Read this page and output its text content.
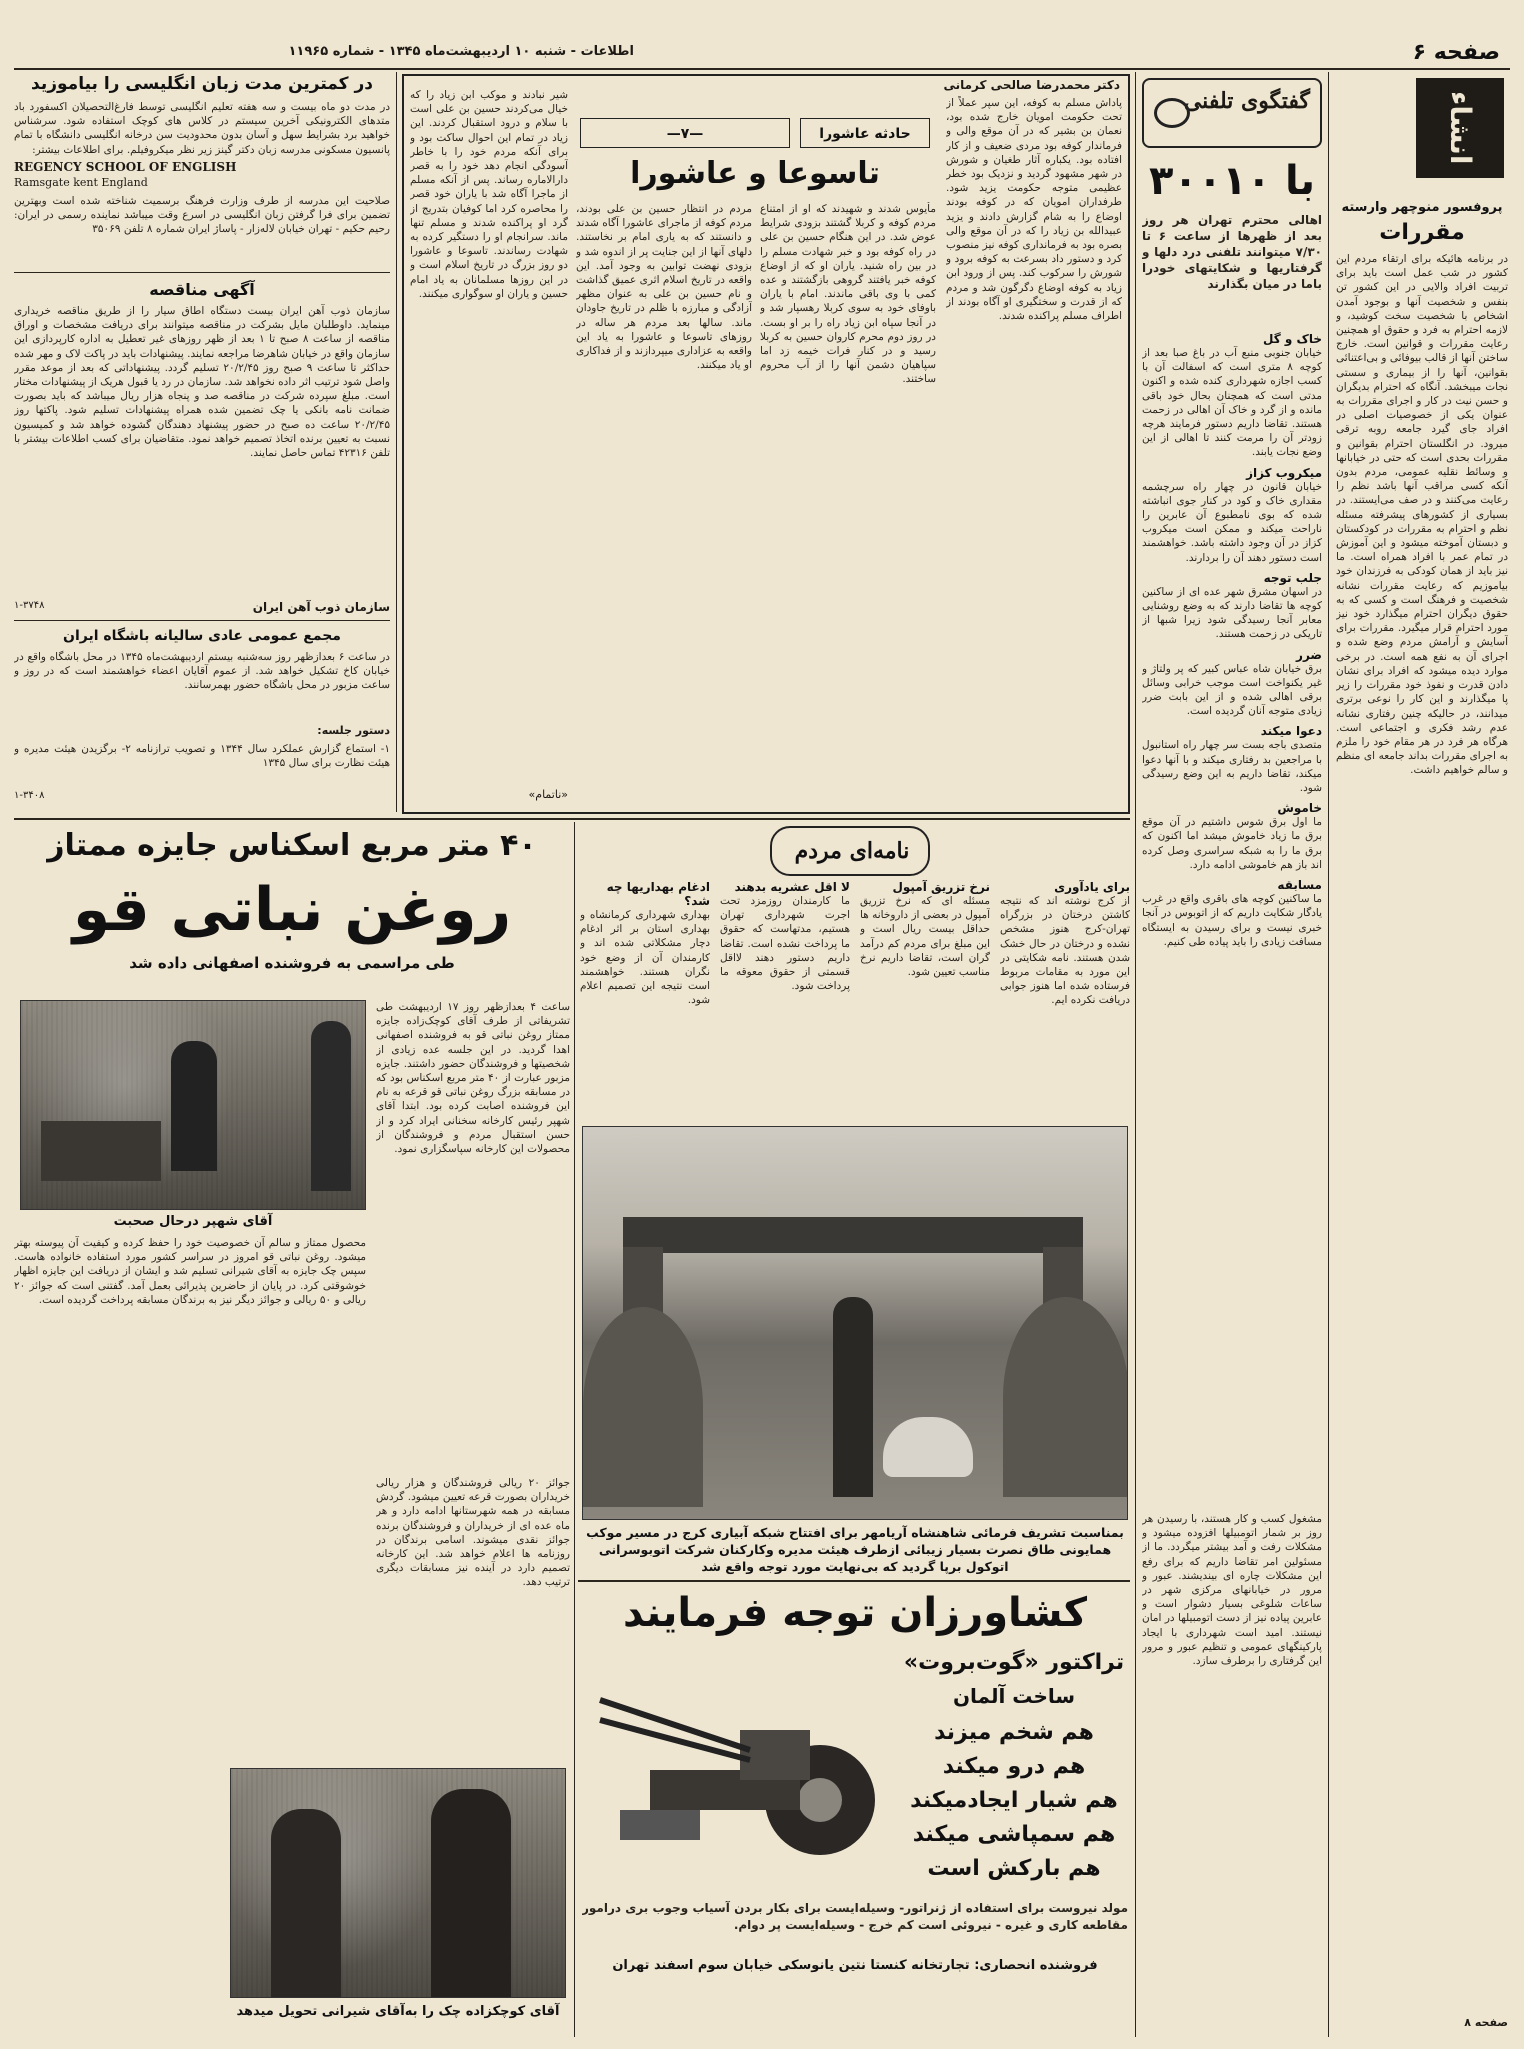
صفحه ۶
اطلاعات - شنبه ۱۰ اردیبهشت‌ماه ۱۳۴۵ - شماره ۱۱۹۶۵
انشاء
پروفسور منوچهر وارسته
مقررات
در برنامه هائیکه برای ارتقاء مردم این کشور در شب عمل است باید برای تربیت افراد والایی در این کشور تن بنفس و شخصیت آنها و بوجود آمدن اشخاص با شخصیت سخت کوشید، و لازمه احترام به فرد و حقوق او همچنین رعایت مقررات و قوانین است. خارج ساختن آنها از قالب بیوفائی و بی‌اعتنائی بقوانین، آنها را از بیماری و سستی نجات میبخشد. آنگاه که احترام بدیگران و حسن نیت در کار و اجرای مقررات به عنوان یکی از خصوصیات اصلی در افراد جای گیرد جامعه روبه ترقی میرود. در انگلستان احترام بقوانین و مقررات بحدی است که حتی در خیابانها و وسائط نقلیه عمومی، مردم بدون آنکه کسی مراقب آنها باشد نظم را رعایت می‌کنند و در صف می‌ایستند. در بسیاری از کشورهای پیشرفته مسئله نظم و احترام به مقررات در کودکستان و دبستان آموخته میشود و این آموزش در تمام عمر با افراد همراه است. ما نیز باید از همان کودکی به فرزندان خود بیاموزیم که رعایت مقررات نشانه شخصیت و فرهنگ است و کسی که به حقوق دیگران احترام میگذارد خود نیز مورد احترام قرار میگیرد. مقررات برای آسایش و آرامش مردم وضع شده و اجرای آن به نفع همه است. در برخی موارد دیده میشود که افراد برای نشان دادن قدرت و نفوذ خود مقررات را زیر پا میگذارند و این کار را نوعی برتری میدانند، در حالیکه چنین رفتاری نشانه عدم رشد فکری و اجتماعی است. هرگاه هر فرد در هر مقام خود را ملزم به اجرای مقررات بداند جامعه ای منظم و سالم خواهیم داشت.
صفحه ۸
گفتگوی تلفنی
با ۳۰۰۱۰
اهالی محترم تهران هر روز بعد از ظهرها از ساعت ۶ تا ۷/۳۰ میتوانند تلفنی درد دلها و گرفتاریها و شکایتهای خودرا باما در میان بگذارند
خاک و گل
خیابان جنوبی منبع آب در باغ صبا بعد از کوچه ۸ متری است که اسفالت آن با کسب اجازه شهرداری کنده شده و اکنون مدتی است که همچنان بحال خود باقی مانده و از گرد و خاک آن اهالی در زحمت هستند. تقاضا داریم دستور فرمایند هرچه زودتر آن را مرمت کنند تا اهالی از این وضع نجات یابند.
میکروب کزاز
خیابان قانون در چهار راه سرچشمه مقداری خاک و کود در کنار جوی انباشته شده که بوی نامطبوع آن عابرین را ناراحت میکند و ممکن است میکروب کزاز در آن وجود داشته باشد. خواهشمند است دستور دهند آن را بردارند.
جلب توجه
در اسهان مشرق شهر عده ای از ساکنین کوچه ها تقاضا دارند که به وضع روشنایی معابر آنجا رسیدگی شود زیرا شبها از تاریکی در زحمت هستند.
ضرر
برق خیابان شاه عباس کبیر که پر ولتاژ و غیر یکنواخت است موجب خرابی وسائل برقی اهالی شده و از این بابت ضرر زیادی متوجه آنان گردیده است.
دعوا میکند
متصدی باجه بست سر چهار راه استانبول با مراجعین بد رفتاری میکند و با آنها دعوا میکند، تقاضا داریم به این وضع رسیدگی شود.
خاموش
ما اول برق شوس داشتیم در آن موقع برق ما زیاد خاموش میشد اما اکنون که برق ما را به شبکه سراسری وصل کرده اند باز هم خاموشی ادامه دارد.
مسابقه
ما ساکنین کوچه های باقری واقع در غرب یادگار شکایت داریم که از اتوبوس در آنجا خبری نیست و برای رسیدن به ایستگاه مسافت زیادی را باید پیاده طی کنیم.
مشغول کسب و کار هستند، با رسیدن هر روز بر شمار اتومبیلها افزوده میشود و مشکلات رفت و آمد بیشتر میگردد. ما از مسئولین امر تقاضا داریم که برای رفع این مشکلات چاره ای بیندیشند. عبور و مرور در خیابانهای مرکزی شهر در ساعات شلوغی بسیار دشوار است و عابرین پیاده نیز از دست اتومبیلها در امان نیستند. امید است شهرداری با ایجاد پارکینگهای عمومی و تنظیم عبور و مرور این گرفتاری را برطرف سازد.
دکتر محمدرضا صالحی کرمانی
حادثه عاشورا
—۷—
تاسوعا و عاشورا
پاداش مسلم به کوفه، این سپر عملاً از تحت حکومت امویان خارج شده بود، نعمان بن بشیر که در آن موقع والی و فرماندار کوفه بود مردی ضعیف و از کار افتاده بود. یکباره آثار طغیان و شورش در شهر مشهود گردید و نزدیک بود خطر عظیمی متوجه حکومت یزید شود. طرفداران امویان که در کوفه بودند اوضاع را به شام گزارش دادند و یزید عبیدالله بن زیاد را که در آن موقع والی بصره بود به فرمانداری کوفه نیز منصوب کرد و دستور داد بسرعت به کوفه برود و شورش را سرکوب کند. پس از ورود ابن زیاد به کوفه اوضاع دگرگون شد و مردم که از قدرت و سختگیری او آگاه بودند از اطراف مسلم پراکنده شدند.
مأیوس شدند و شهیدند که او از امتناع مردم کوفه و کربلا گشتند بزودی شرایط عوض شد. در این هنگام حسین بن علی در راه کوفه بود و خبر شهادت مسلم را در بین راه شنید. یاران او که از اوضاع کوفه خبر یافتند گروهی بازگشتند و عده کمی با وی باقی ماندند. امام با یاران باوفای خود به سوی کربلا رهسپار شد و در آنجا سپاه ابن زیاد راه را بر او بست. در روز دوم محرم کاروان حسین به کربلا رسید و در کنار فرات خیمه زد اما سپاهیان دشمن آنها را از آب محروم ساختند.
مردم در انتظار حسین بن علی بودند، مردم کوفه از ماجرای عاشورا آگاه شدند و دانستند که به یاری امام بر نخاستند. دلهای آنها از این جنایت پر از اندوه شد و بزودی نهضت توابین به وجود آمد. این واقعه در تاریخ اسلام اثری عمیق گذاشت و نام حسین بن علی به عنوان مظهر آزادگی و مبارزه با ظلم در تاریخ جاودان ماند. سالها بعد مردم هر ساله در روزهای تاسوعا و عاشورا به یاد این واقعه به عزاداری میپردازند و از فداکاری او یاد میکنند.
شیر نبادند و موکب ابن زیاد را که خیال می‌کردند حسین بن علی است با سلام و درود استقبال کردند. این زیاد در تمام این احوال ساکت بود و برای آنکه مردم خود را با خاطر آسودگی انجام دهد خود را به قصر دارالاماره رساند. پس از آنکه مسلم از ماجرا آگاه شد با یاران خود قصر را محاصره کرد اما کوفیان بتدریج از گرد او پراکنده شدند و مسلم تنها ماند. سرانجام او را دستگیر کرده به شهادت رساندند. تاسوعا و عاشورا دو روز بزرگ در تاریخ اسلام است و در این روزها مسلمانان به یاد امام حسین و یاران او سوگواری میکنند.
«ناتمام»
در کمترین مدت زبان انگلیسی را بیاموزید
در مدت دو ماه بیست و سه هفته تعلیم انگلیسی توسط فارغ‌التحصیلان اکسفورد باد متدهای الکترونیکی آخرین سیستم در کلاس های کوچک استفاده شود. سرشناس خواهید برد بشرایط سهل و آسان بدون محدودیت سن درخانه انگلیسی دانشگاه با تمام پانسیون مسکونی مدرسه زبان دکتر گینز زیر نظر میکروفیلم. برای اطلاعات بیشتر:
REGENCY SCHOOL OF ENGLISH
Ramsgate kent England
صلاحیت این مدرسه از طرف وزارت فرهنگ برسمیت شناخته شده است وبهترین تضمین برای فرا گرفتن زبان انگلیسی در اسرع وقت میباشد نماینده رسمی در ایران: رحیم حکیم - تهران خیابان لاله‌زار - پاساژ ایران شماره ۸ تلفن ۳۵۰۶۹
آگهی مناقصه
سازمان ذوب آهن ایران بیست دستگاه اطاق سیار را از طریق مناقصه خریداری مینماید. داوطلبان مایل بشرکت در مناقصه میتوانند برای دریافت مشخصات و اوراق مناقصه از ساعت ۸ صبح تا ۱ بعد از ظهر روزهای غیر تعطیل به اداره کارپردازی این سازمان واقع در خیابان شاهرضا مراجعه نمایند. پیشنهادات باید در پاکت لاک و مهر شده حداکثر تا ساعت ۹ صبح روز ۲۰/۲/۴۵ تسلیم گردد. پیشنهاداتی که بعد از موعد مقرر واصل شود ترتیب اثر داده نخواهد شد. سازمان در رد یا قبول هریک از پیشنهادات مختار است. مبلغ سپرده شرکت در مناقصه صد و پنجاه هزار ریال میباشد که باید بصورت ضمانت نامه بانکی یا چک تضمین شده همراه پیشنهادات تسلیم شود. پاکتها روز ۲۰/۲/۴۵ ساعت ده صبح در حضور پیشنهاد دهندگان گشوده خواهد شد و کمیسیون نسبت به تعیین برنده اتخاذ تصمیم خواهد نمود. متقاضیان برای کسب اطلاعات بیشتر با تلفن ۴۲۳۱۶ تماس حاصل نمایند.
سازمان ذوب آهن ایران
۱-۳۷۴۸
مجمع عمومی عادی سالیانه باشگاه ایران
در ساعت ۶ بعدازظهر روز سه‌شنبه بیستم اردیبهشت‌ماه ۱۳۴۵ در محل باشگاه واقع در خیابان کاخ تشکیل خواهد شد. از عموم آقایان اعضاء خواهشمند است که در روز و ساعت مزبور در محل باشگاه حضور بهمرسانند.
دستور جلسه:
۱- استماع گزارش عملکرد سال ۱۳۴۴ و تصویب ترازنامه ۲- برگزیدن هیئت مدیره و هیئت نظارت برای سال ۱۳۴۵
۱-۳۴۰۸
۴۰ متر مربع اسکناس جایزه ممتاز
روغن نباتی قو
طی مراسمی به فروشنده اصفهانی داده شد
آقای شهپر درحال صحبت
ساعت ۴ بعدازظهر روز ۱۷ اردیبهشت طی تشریفاتی از طرف آقای کوچک‌زاده جایزه ممتاز روغن نباتی قو به فروشنده اصفهانی اهدا گردید. در این جلسه عده زیادی از شخصیتها و فروشندگان حضور داشتند. جایزه مزبور عبارت از ۴۰ متر مربع اسکناس بود که در مسابقه بزرگ روغن نباتی قو قرعه به نام این فروشنده اصابت کرده بود. ابتدا آقای شهپر رئیس کارخانه سخنانی ایراد کرد و از حسن استقبال مردم و فروشندگان از محصولات این کارخانه سپاسگزاری نمود.
محصول ممتاز و سالم آن خصوصیت خود را حفظ کرده و کیفیت آن پیوسته بهتر میشود. روغن نباتی قو امروز در سراسر کشور مورد استفاده خانواده هاست. سپس چک جایزه به آقای شیرانی تسلیم شد و ایشان از دریافت این جایزه اظهار خوشوقتی کرد. در پایان از حاضرین پذیرائی بعمل آمد. گفتنی است که جوائز ۲۰ ریالی و ۵۰ ریالی و جوائز دیگر نیز به برندگان مسابقه پرداخت گردیده است.
جوائز ۲۰ ریالی فروشندگان و هزار ریالی خریداران بصورت قرعه تعیین میشود. گردش مسابقه در همه شهرستانها ادامه دارد و هر ماه عده ای از خریداران و فروشندگان برنده جوائز نقدی میشوند. اسامی برندگان در روزنامه ها اعلام خواهد شد. این کارخانه تصمیم دارد در آینده نیز مسابقات دیگری ترتیب دهد.
آقای کوچکزاده چک را به‌آقای شیرانی تحویل میدهد
نامه‌ای مردم
برای یادآوری
از کرج نوشته اند که نتیجه کاشتن درختان در بزرگراه تهران-کرج هنوز مشخص نشده و درختان در حال خشک شدن هستند. نامه شکایتی در این مورد به مقامات مربوط فرستاده شده اما هنوز جوابی دریافت نکرده ایم.
نرخ تزریق آمپول
مسئله ای که نرخ تزریق آمپول در بعضی از داروخانه ها حداقل بیست ریال است و این مبلغ برای مردم کم درآمد گران است، تقاضا داریم نرخ مناسب تعیین شود.
لا اقل عشریه بدهند
ما کارمندان روزمزد تحت اجرت شهرداری تهران هستیم، مدتهاست که حقوق ما پرداخت نشده است. تقاضا داریم دستور دهند لااقل قسمتی از حقوق معوقه ما پرداخت شود.
ادغام بهداریها چه شد؟
بهداری شهرداری کرمانشاه و بهداری استان بر اثر ادغام دچار مشکلاتی شده اند و کارمندان آن از وضع خود نگران هستند. خواهشمند است نتیجه این تصمیم اعلام شود.
بمناسبت تشریف فرمائی شاهنشاه آریامهر برای افتتاح شبکه آبیاری کرج در مسیر موکب همایونی طاق نصرت بسیار زیبائی ازطرف هیئت مدیره وکارکنان شرکت اتوبوسرانی اتوکول برپا گردید که بی‌نهایت مورد توجه واقع شد
کشاورزان توجه فرمایند
تراکتور «گوت‌بروت»
ساخت آلمان
هم شخم میزند
هم درو میکند
هم شیار ایجادمیکند
هم سمپاشی میکند
هم بارکش است
مولد نیروست برای استفاده از ژنراتور- وسیله‌ایست برای بکار بردن آسیاب وجوب بری درامور مقاطعه کاری و غیره - نیروئی است کم خرج - وسیله‌ایست پر دوام.
فروشنده انحصاری: تجارتخانه کنستا نتین یانوسکی خیابان سوم اسفند تهران
